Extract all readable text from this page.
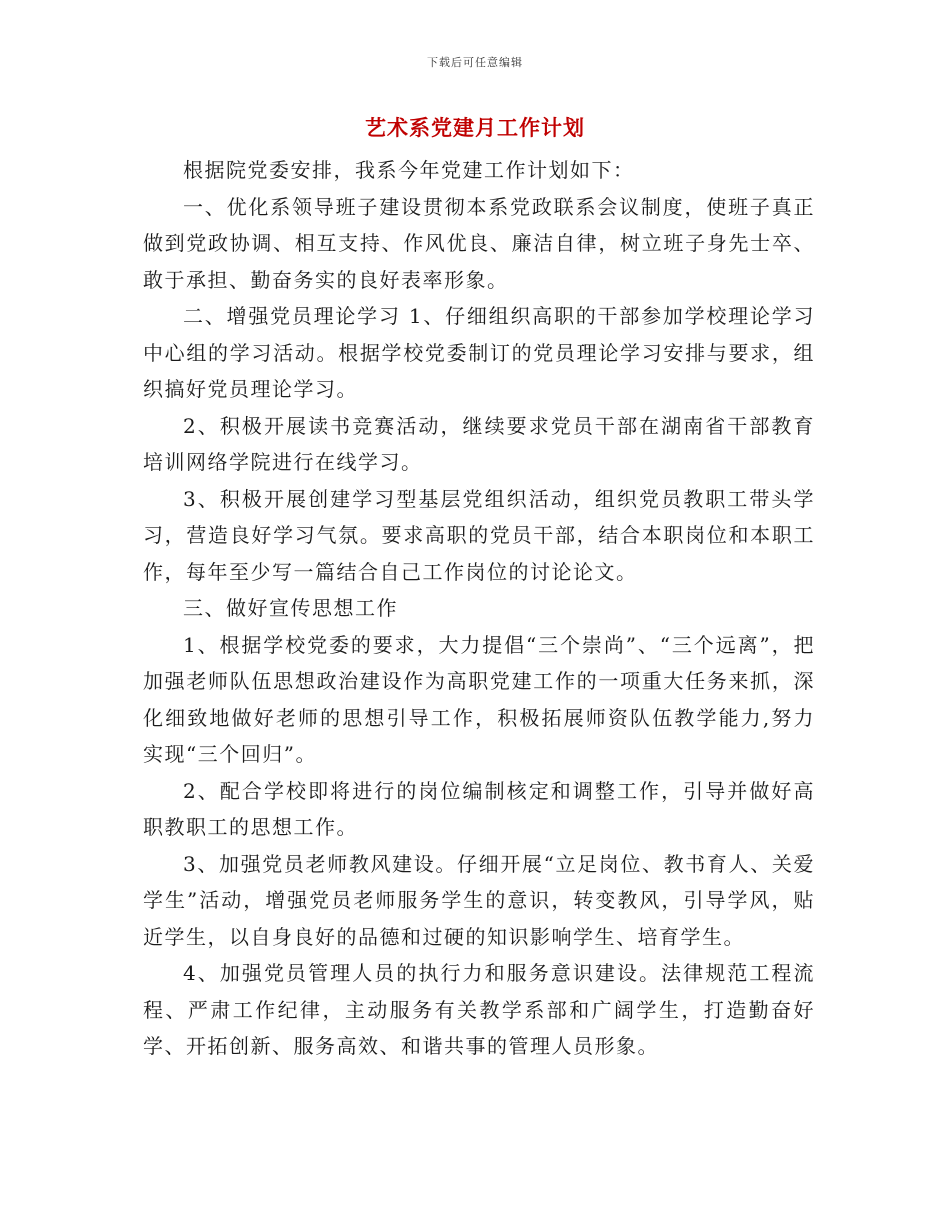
下载后可任意编辑
艺术系党建月工作计划

根据院党委安排，我系今年党建工作计划如下：

一、优化系领导班子建设贯彻本系党政联系会议制度，使班子真正做到党政协调、相互支持、作风优良、廉洁自律，树立班子身先士卒、敢于承担、勤奋务实的良好表率形象。

二、增强党员理论学习 1、仔细组织高职的干部参加学校理论学习中心组的学习活动。根据学校党委制订的党员理论学习安排与要求，组织搞好党员理论学习。

2、积极开展读书竞赛活动，继续要求党员干部在湖南省干部教育培训网络学院进行在线学习。

3、积极开展创建学习型基层党组织活动，组织党员教职工带头学习，营造良好学习气氛。要求高职的党员干部，结合本职岗位和本职工作，每年至少写一篇结合自己工作岗位的讨论论文。

三、做好宣传思想工作

1、根据学校党委的要求，大力提倡“三个崇尚”、“三个远离”，把加强老师队伍思想政治建设作为高职党建工作的一项重大任务来抓，深化细致地做好老师的思想引导工作，积极拓展师资队伍教学能力,努力实现“三个回归”。

2、配合学校即将进行的岗位编制核定和调整工作，引导并做好高职教职工的思想工作。

3、加强党员老师教风建设。仔细开展“立足岗位、教书育人、关爱学生”活动，增强党员老师服务学生的意识，转变教风，引导学风，贴近学生，以自身良好的品德和过硬的知识影响学生、培育学生。

4、加强党员管理人员的执行力和服务意识建设。法律规范工程流程、严肃工作纪律，主动服务有关教学系部和广阔学生，打造勤奋好学、开拓创新、服务高效、和谐共事的管理人员形象。
